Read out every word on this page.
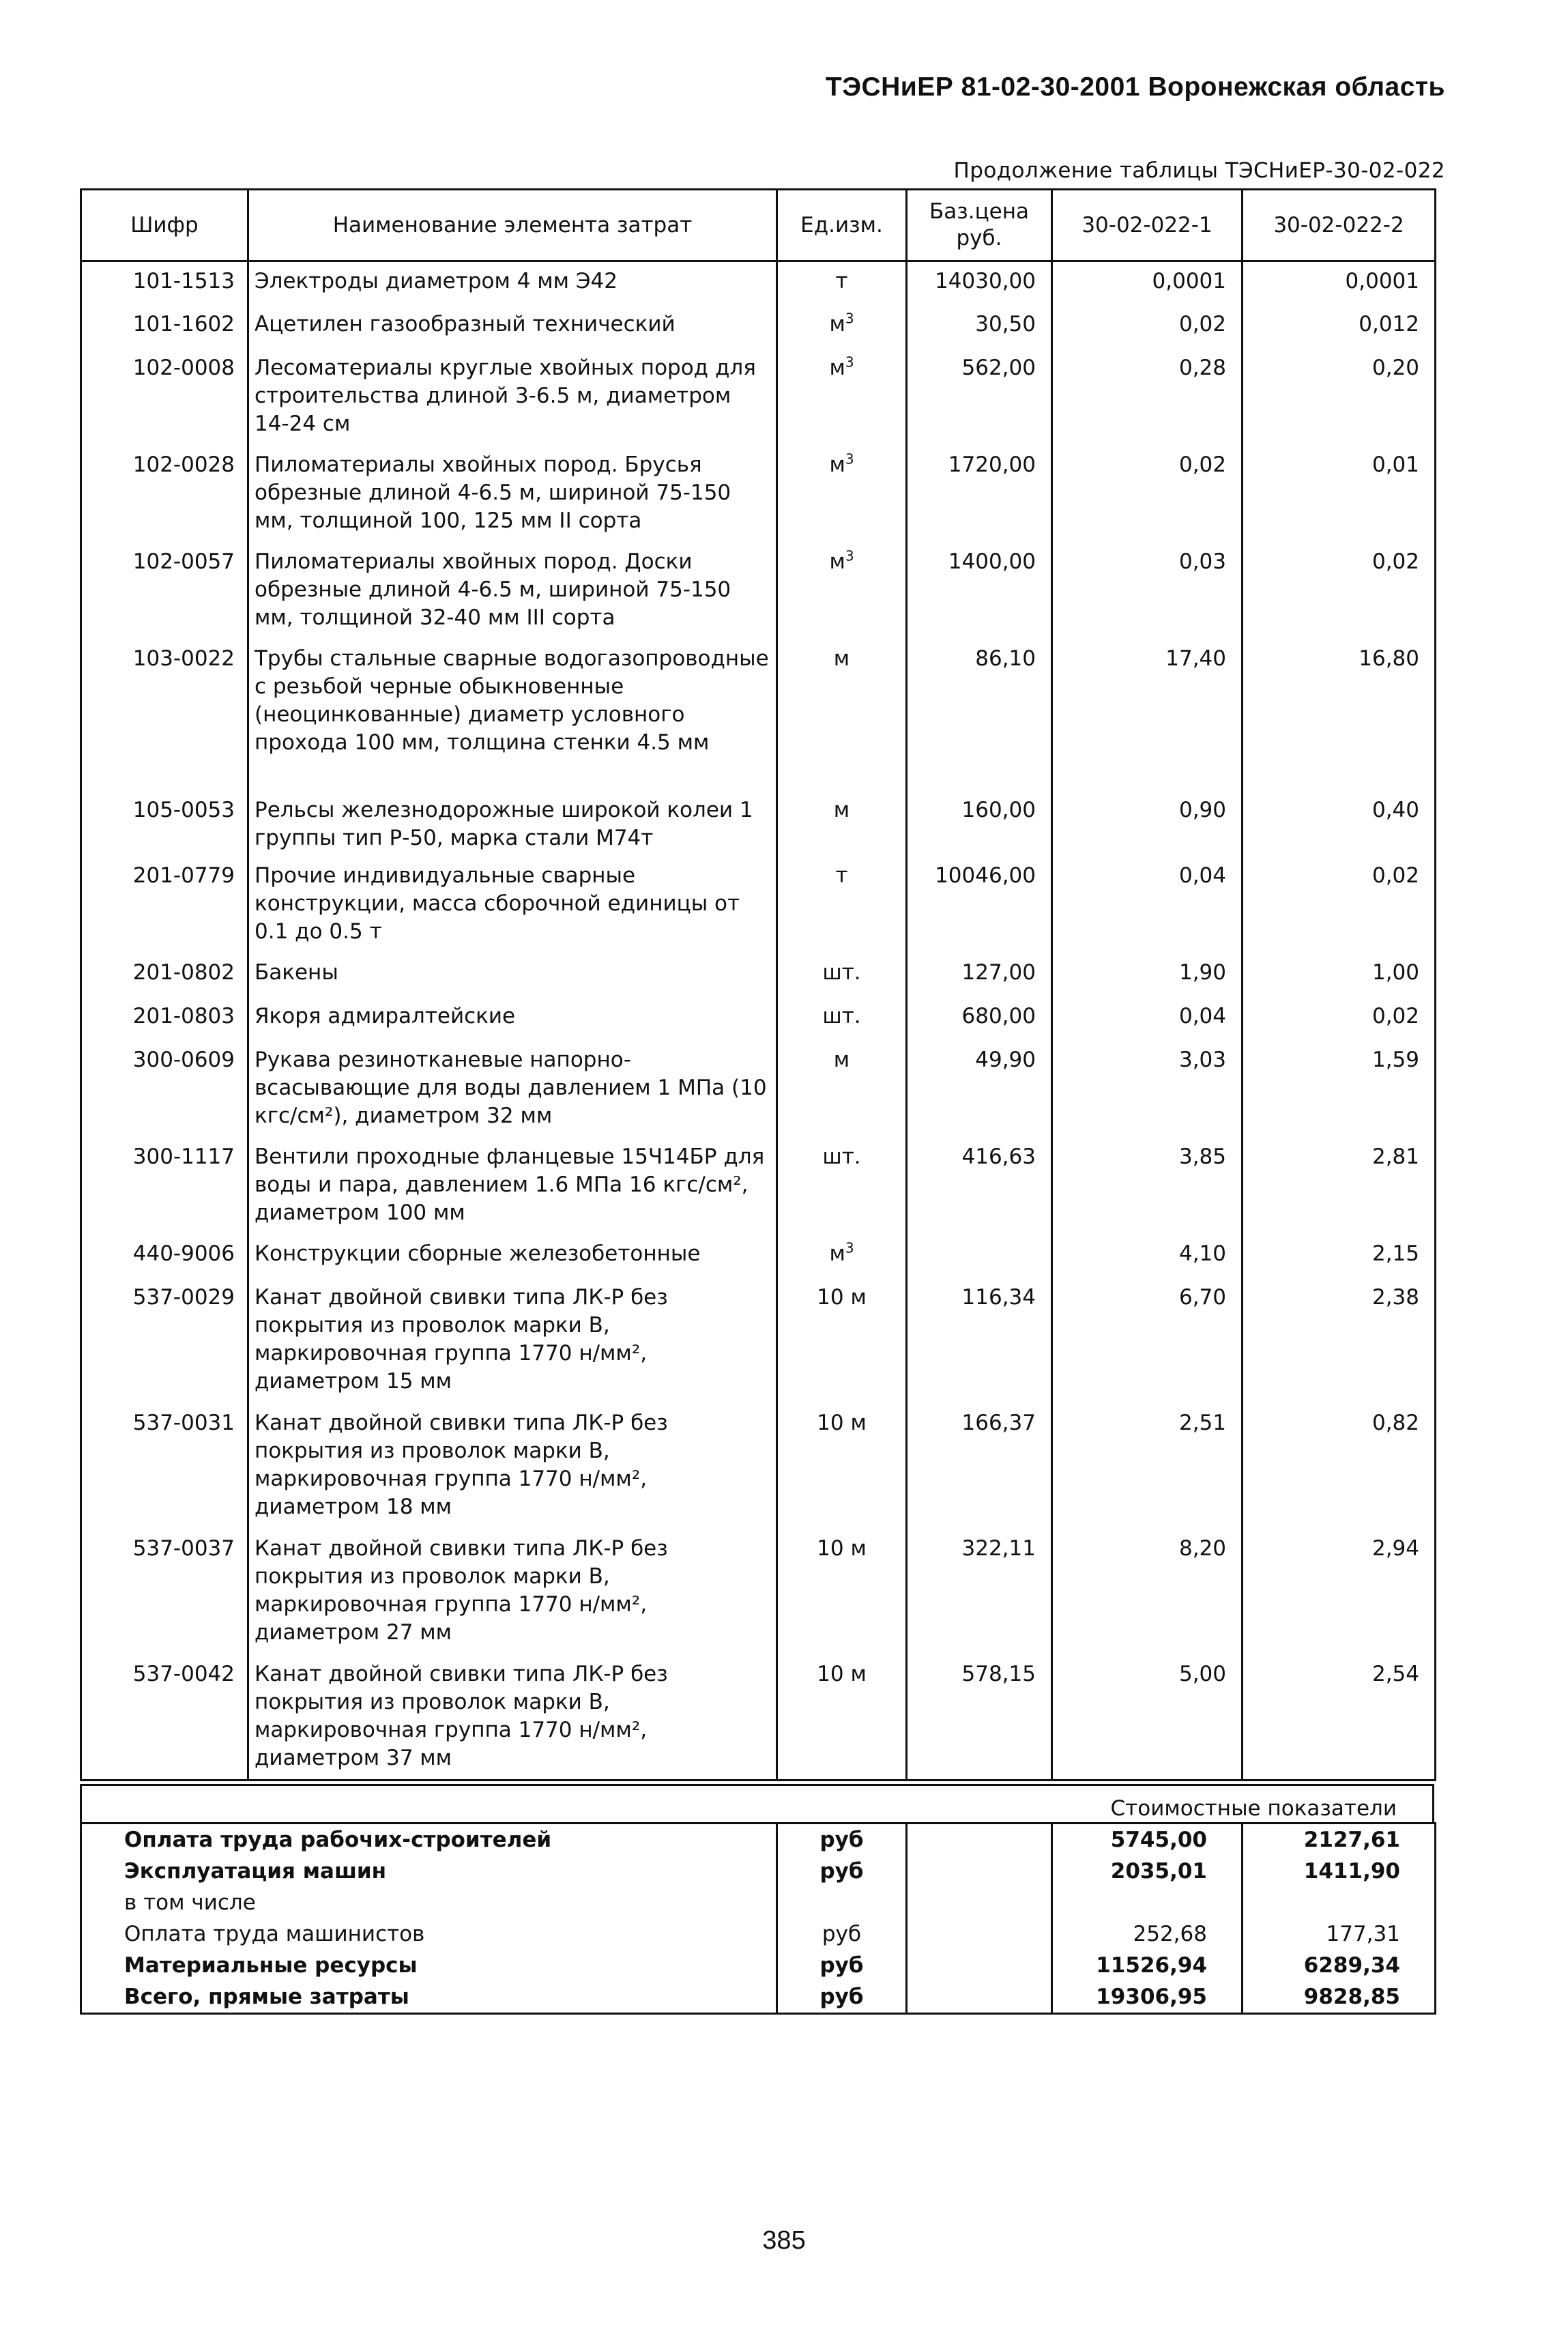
ТЭСНиЕР 81-02-30-2001 Воронежская область
Продолжение таблицы ТЭСНиЕР-30-02-022
Шифр	Наименование элемента затрат	Ед.изм.	Баз.цена руб.	30-02-022-1	30-02-022-2
101-1513	Электроды диаметром 4 мм Э42	т	14030,00	0,0001	0,0001
101-1602	Ацетилен газообразный технический	$м^3$	30,50	0,02	0,012
102-0008	Лесоматериалы круглые хвойных пород для строительства длиной 3-6.5 м, диаметром 14-24 см	$м^3$	562,00	0,28	0,20
102-0028	Пиломатериалы хвойных пород. Брусья обрезные длиной 4-6.5 м, шириной 75-150 мм, толщиной 100, 125 мм II сорта	$м^3$	1720,00	0,02	0,01
102-0057	Пиломатериалы хвойных пород. Доски обрезные длиной 4-6.5 м, шириной 75-150 мм, толщиной 32-40 мм III сорта	$м^3$	1400,00	0,03	0,02
103-0022	Трубы стальные сварные водогазопроводные с резьбой черные обыкновенные (неоцинкованные) диаметр условного прохода 100 мм, толщина стенки 4.5 мм	м	86,10	17,40	16,80
105-0053	Рельсы железнодорожные широкой колеи 1 группы тип Р-50, марка стали М74т	м	160,00	0,90	0,40
201-0779	Прочие индивидуальные сварные конструкции, масса сборочной единицы от 0.1 до 0.5 т	т	10046,00	0,04	0,02
201-0802	Бакены	шт.	127,00	1,90	1,00
201-0803	Якоря адмиралтейские	шт.	680,00	0,04	0,02
300-0609	Рукава резинотканевые напорно-всасывающие для воды давлением 1 МПа (10 кгс/см²), диаметром 32 мм	м	49,90	3,03	1,59
300-1117	Вентили проходные фланцевые 15Ч14БР для воды и пара, давлением 1.6 МПа 16 кгс/см², диаметром 100 мм	шт.	416,63	3,85	2,81
440-9006	Конструкции сборные железобетонные	$м^3$		4,10	2,15
537-0029	Канат двойной свивки типа ЛК-Р без покрытия из проволок марки В, маркировочная группа 1770 н/мм², диаметром 15 мм	10 м	116,34	6,70	2,38
537-0031	Канат двойной свивки типа ЛК-Р без покрытия из проволок марки В, маркировочная группа 1770 н/мм², диаметром 18 мм	10 м	166,37	2,51	0,82
537-0037	Канат двойной свивки типа ЛК-Р без покрытия из проволок марки В, маркировочная группа 1770 н/мм², диаметром 27 мм	10 м	322,11	8,20	2,94
537-0042	Канат двойной свивки типа ЛК-Р без покрытия из проволок марки В, маркировочная группа 1770 н/мм², диаметром 37 мм	10 м	578,15	5,00	2,54
Стоимостные показатели
Оплата труда рабочих-строителей	руб		5745,00	2127,61
Эксплуатация машин	руб		2035,01	1411,90
в том числе				
Оплата труда машинистов	руб		252,68	177,31
Материальные ресурсы	руб		11526,94	6289,34
Всего, прямые затраты	руб		19306,95	9828,85
385
